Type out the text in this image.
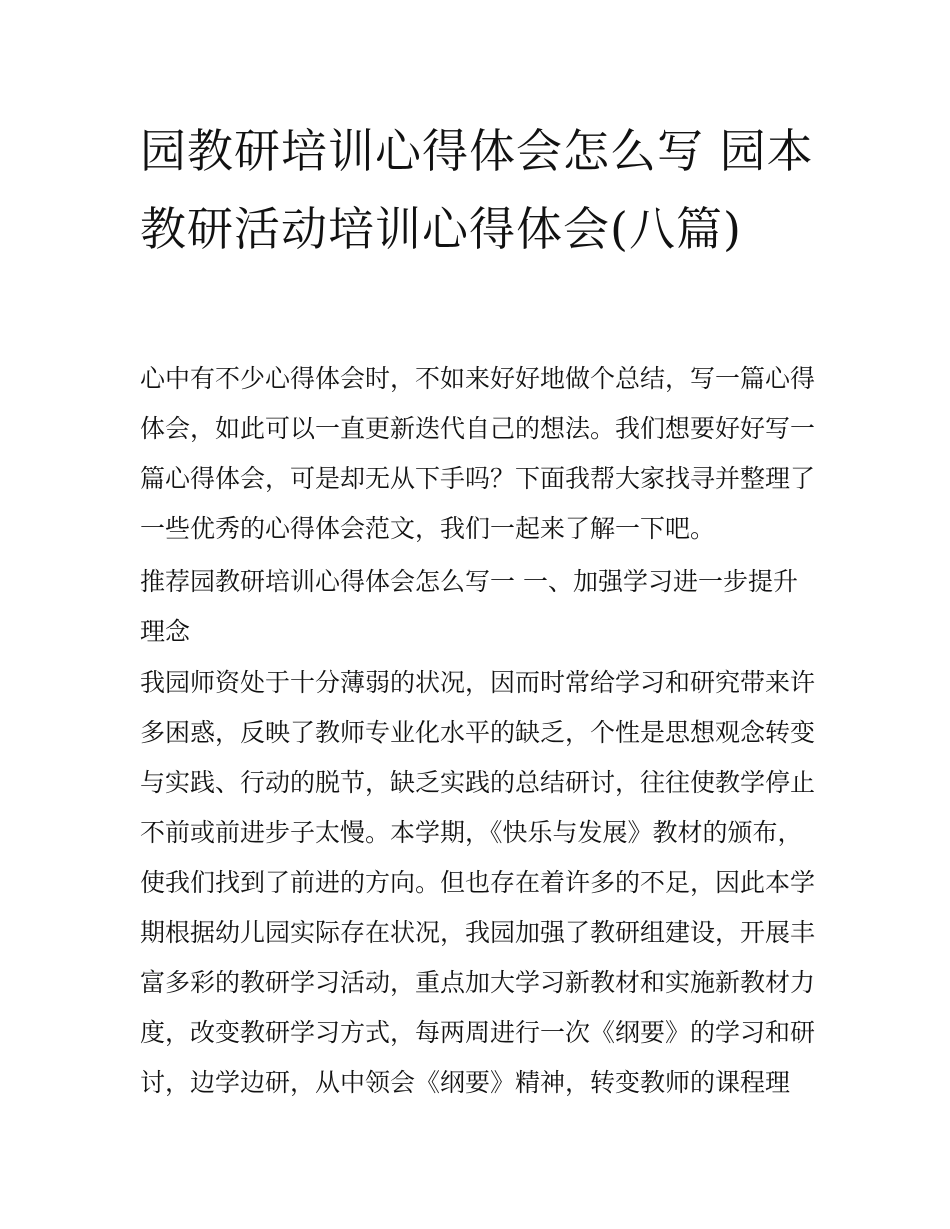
园教研培训心得体会怎么写 园本教研活动培训心得体会(八篇)

心中有不少心得体会时，不如来好好地做个总结，写一篇心得体会，如此可以一直更新迭代自己的想法。我们想要好好写一篇心得体会，可是却无从下手吗？下面我帮大家找寻并整理了一些优秀的心得体会范文，我们一起来了解一下吧。

推荐园教研培训心得体会怎么写一 一、加强学习进一步提升理念

我园师资处于十分薄弱的状况，因而时常给学习和研究带来许多困惑，反映了教师专业化水平的缺乏，个性是思想观念转变与实践、行动的脱节，缺乏实践的总结研讨，往往使教学停止不前或前进步子太慢。本学期，《快乐与发展》教材的颁布，使我们找到了前进的方向。但也存在着许多的不足，因此本学期根据幼儿园实际存在状况，我园加强了教研组建设，开展丰富多彩的教研学习活动，重点加大学习新教材和实施新教材力度，改变教研学习方式，每两周进行一次《纲要》的学习和研讨，边学边研，从中领会《纲要》精神，转变教师的课程理
